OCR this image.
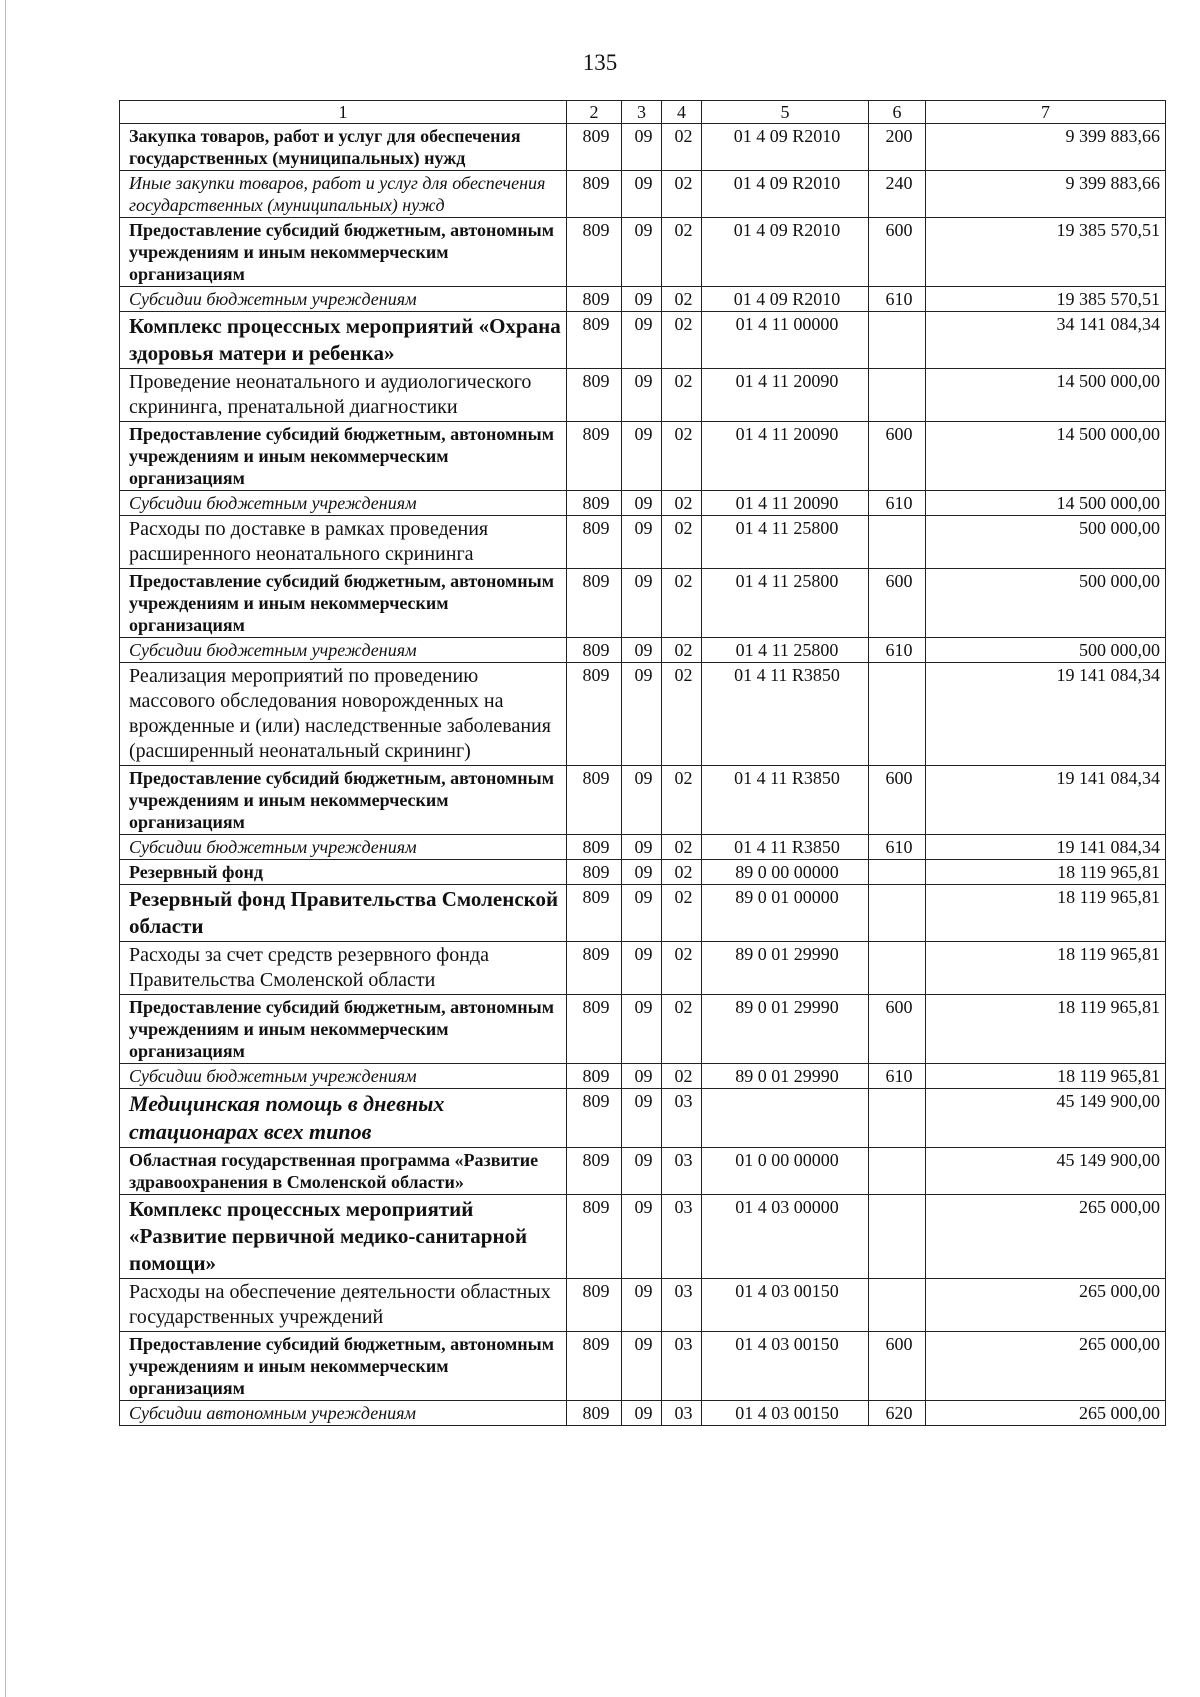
135
1	2	3	4	5	6	7
Закупка товаров, работ и услуг для обеспечения государственных (муниципальных) нужд	809	09	02	01 4 09 R2010	200	9 399 883,66
Иные закупки товаров, работ и услуг для обеспечения государственных (муниципальных) нужд	809	09	02	01 4 09 R2010	240	9 399 883,66
Предоставление субсидий бюджетным, автономным учреждениям и иным некоммерческим организациям	809	09	02	01 4 09 R2010	600	19 385 570,51
Субсидии бюджетным учреждениям	809	09	02	01 4 09 R2010	610	19 385 570,51
Комплекс процессных мероприятий «Охрана здоровья матери и ребенка»	809	09	02	01 4 11 00000		34 141 084,34
Проведение неонатального и аудиологического скрининга, пренатальной диагностики	809	09	02	01 4 11 20090		14 500 000,00
Предоставление субсидий бюджетным, автономным учреждениям и иным некоммерческим организациям	809	09	02	01 4 11 20090	600	14 500 000,00
Субсидии бюджетным учреждениям	809	09	02	01 4 11 20090	610	14 500 000,00
Расходы по доставке в рамках проведения расширенного неонатального скрининга	809	09	02	01 4 11 25800		500 000,00
Предоставление субсидий бюджетным, автономным учреждениям и иным некоммерческим организациям	809	09	02	01 4 11 25800	600	500 000,00
Субсидии бюджетным учреждениям	809	09	02	01 4 11 25800	610	500 000,00
Реализация мероприятий по проведению массового обследования новорожденных на врожденные и (или) наследственные заболевания (расширенный неонатальный скрининг)	809	09	02	01 4 11 R3850		19 141 084,34
Предоставление субсидий бюджетным, автономным учреждениям и иным некоммерческим организациям	809	09	02	01 4 11 R3850	600	19 141 084,34
Субсидии бюджетным учреждениям	809	09	02	01 4 11 R3850	610	19 141 084,34
Резервный фонд	809	09	02	89 0 00 00000		18 119 965,81
Резервный фонд Правительства Смоленской области	809	09	02	89 0 01 00000		18 119 965,81
Расходы за счет средств резервного фонда Правительства Смоленской области	809	09	02	89 0 01 29990		18 119 965,81
Предоставление субсидий бюджетным, автономным учреждениям и иным некоммерческим организациям	809	09	02	89 0 01 29990	600	18 119 965,81
Субсидии бюджетным учреждениям	809	09	02	89 0 01 29990	610	18 119 965,81
Медицинская помощь в дневных стационарах всех типов	809	09	03			45 149 900,00
Областная государственная программа «Развитие здравоохранения в Смоленской области»	809	09	03	01 0 00 00000		45 149 900,00
Комплекс процессных мероприятий «Развитие первичной медико-санитарной помощи»	809	09	03	01 4 03 00000		265 000,00
Расходы на обеспечение деятельности областных государственных учреждений	809	09	03	01 4 03 00150		265 000,00
Предоставление субсидий бюджетным, автономным учреждениям и иным некоммерческим организациям	809	09	03	01 4 03 00150	600	265 000,00
Субсидии автономным учреждениям	809	09	03	01 4 03 00150	620	265 000,00
